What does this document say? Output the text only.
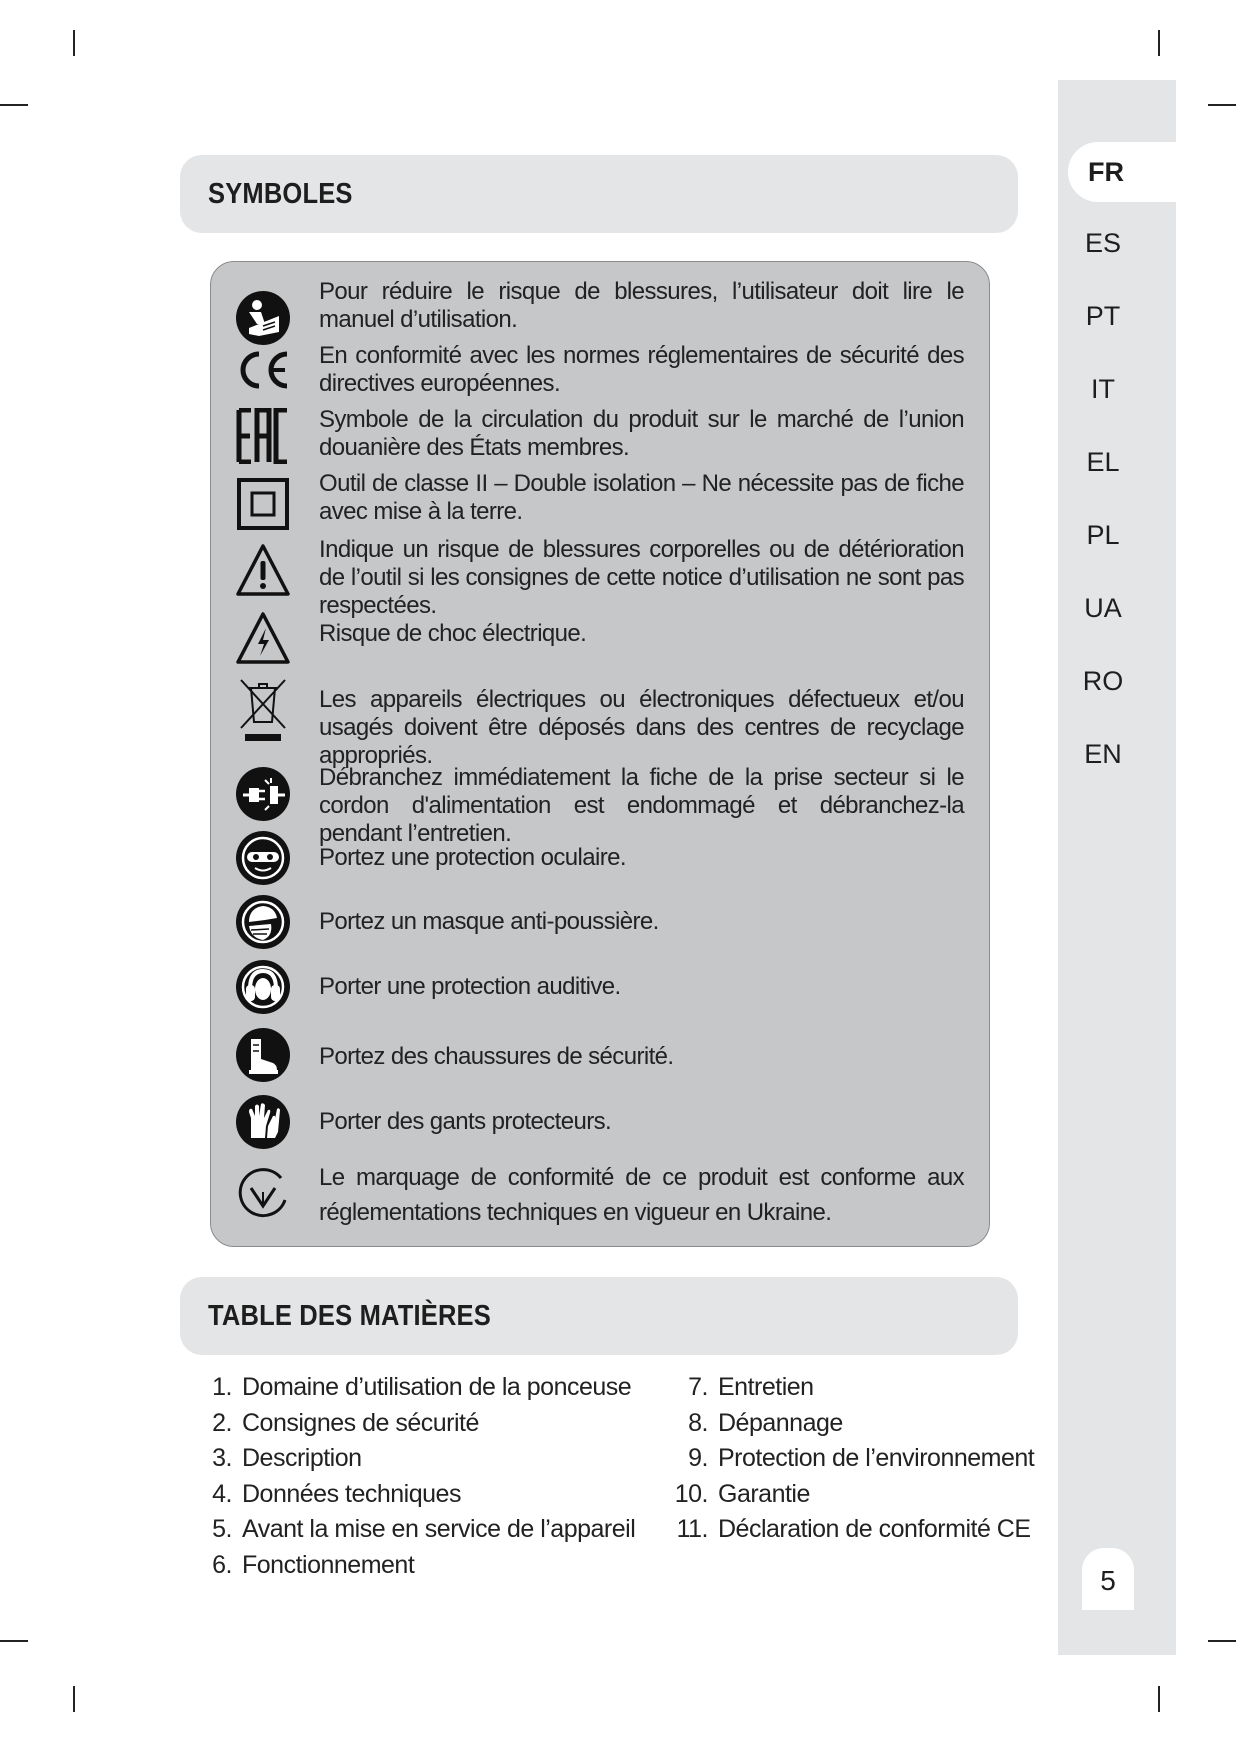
FR
ES
PT
IT
EL
PL
UA
RO
EN
5
SYMBOLES
Pour réduire le risque de blessures, l’utilisateur doit lire le manuel d’utilisation.
En conformité avec les normes réglementaires de sécurité des directives européennes.
Symbole de la circulation du produit sur le marché de l’union douanière des États membres.
Outil de classe II – Double isolation – Ne nécessite pas de fiche avec mise à la terre.
Indique un risque de blessures corporelles ou de détérioration de l’outil si les consignes de cette notice d’utilisation ne sont pas respectées.
Risque de choc électrique.
Les appareils électriques ou électroniques défectueux et/ou usagés doivent être déposés dans des centres de recyclage appropriés.
Débranchez immédiatement la fiche de la prise secteur si le cordon d'alimentation est endommagé et débranchez-la pendant l’entretien.
Portez une protection oculaire.
Portez un masque anti-poussière.
Porter une protection auditive.
Portez des chaussures de sécurité.
Porter des gants protecteurs.
Le marquage de conformité de ce produit est conforme aux réglementations techniques en vigueur en Ukraine.
TABLE DES MATIÈRES
1. Domaine d’utilisation de la ponceuse
2. Consignes de sécurité
3. Description
4. Données techniques
5. Avant la mise en service de l’appareil
6. Fonctionnement
7. Entretien
8. Dépannage
9. Protection de l’environnement
10. Garantie
11. Déclaration de conformité CE
